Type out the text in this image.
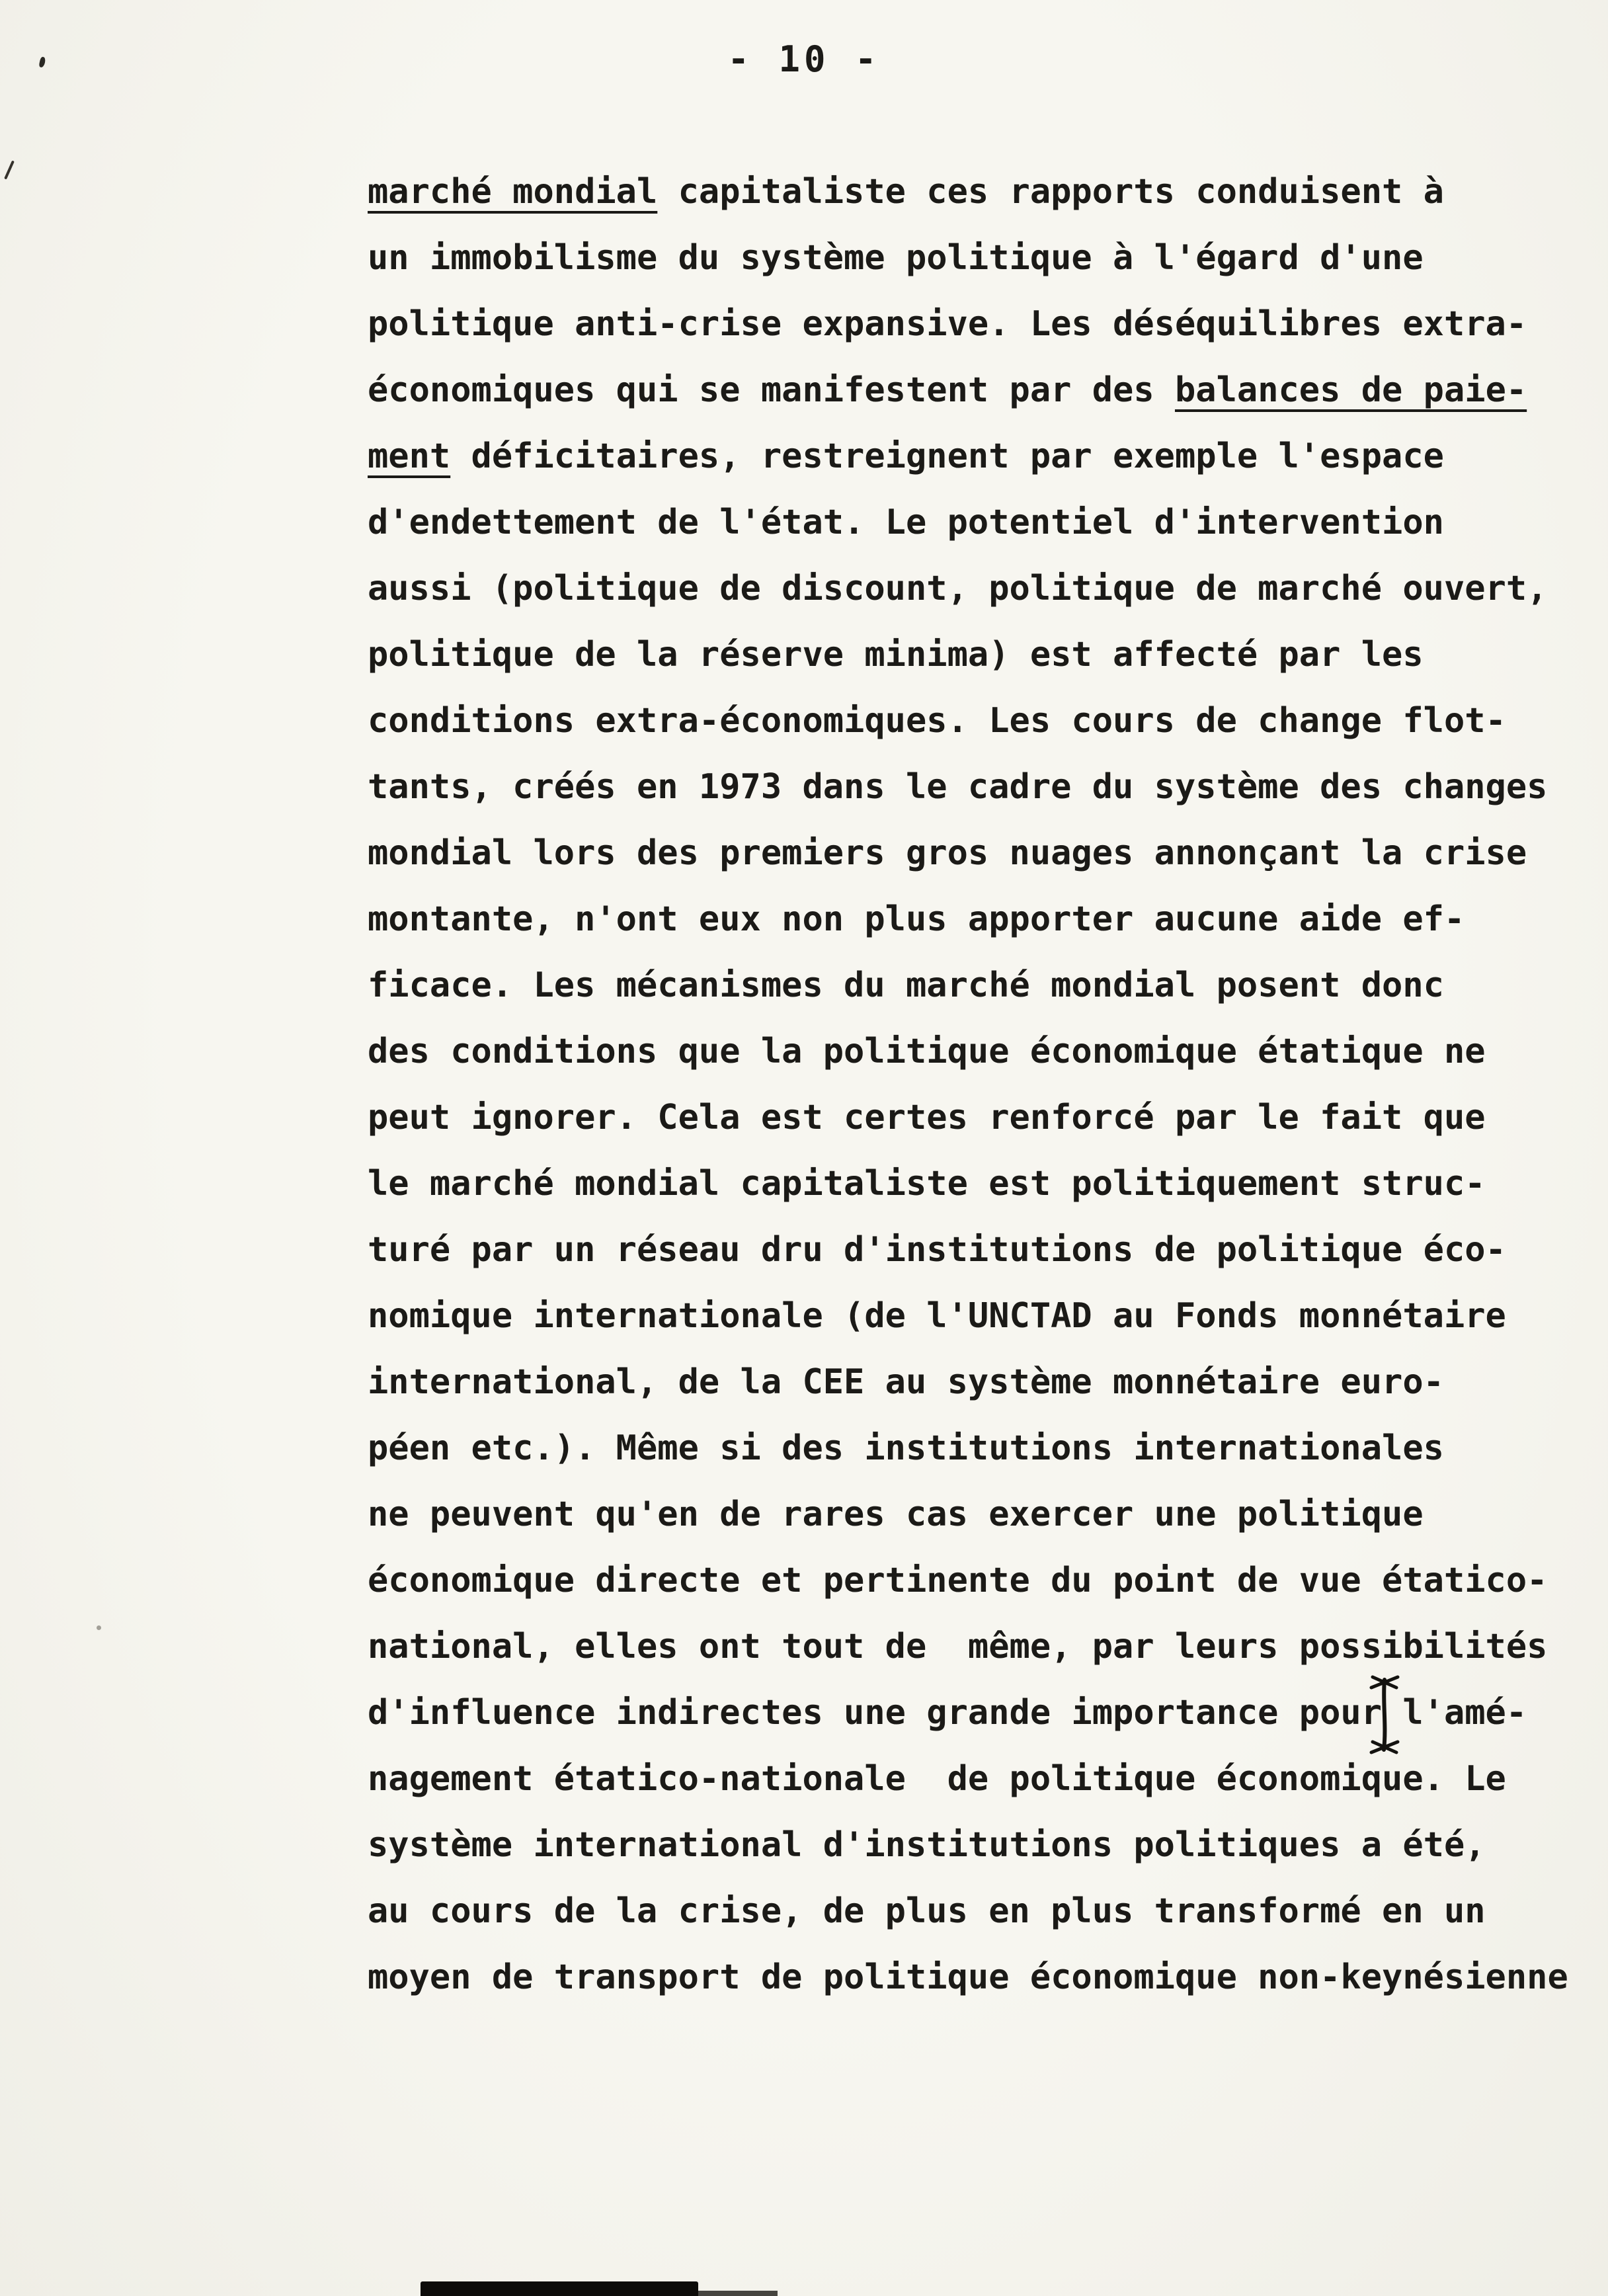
- 10 -
marché mondial capitaliste ces rapports conduisent à
un immobilisme du système politique à l'égard d'une
politique anti-crise expansive. Les déséquilibres extra-
économiques qui se manifestent par des balances de paie-
ment déficitaires, restreignent par exemple l'espace
d'endettement de l'état. Le potentiel d'intervention
aussi (politique de discount, politique de marché ouvert,
politique de la réserve minima) est affecté par les
conditions extra-économiques. Les cours de change flot-
tants, créés en 1973 dans le cadre du système des changes
mondial lors des premiers gros nuages annonçant la crise
montante, n'ont eux non plus apporter aucune aide ef-
ficace. Les mécanismes du marché mondial posent donc
des conditions que la politique économique étatique ne
peut ignorer. Cela est certes renforcé par le fait que
le marché mondial capitaliste est politiquement struc-
turé par un réseau dru d'institutions de politique éco-
nomique internationale (de l'UNCTAD au Fonds monnétaire
international, de la CEE au système monnétaire euro-
péen etc.). Même si des institutions internationales
ne peuvent qu'en de rares cas exercer une politique
économique directe et pertinente du point de vue étatico-
national, elles ont tout de  même, par leurs possibilités
d'influence indirectes une grande importance pour l'amé-
nagement étatico-nationale  de politique économique. Le
système international d'institutions politiques a été,
au cours de la crise, de plus en plus transformé en un
moyen de transport de politique économique non-keynésienne
